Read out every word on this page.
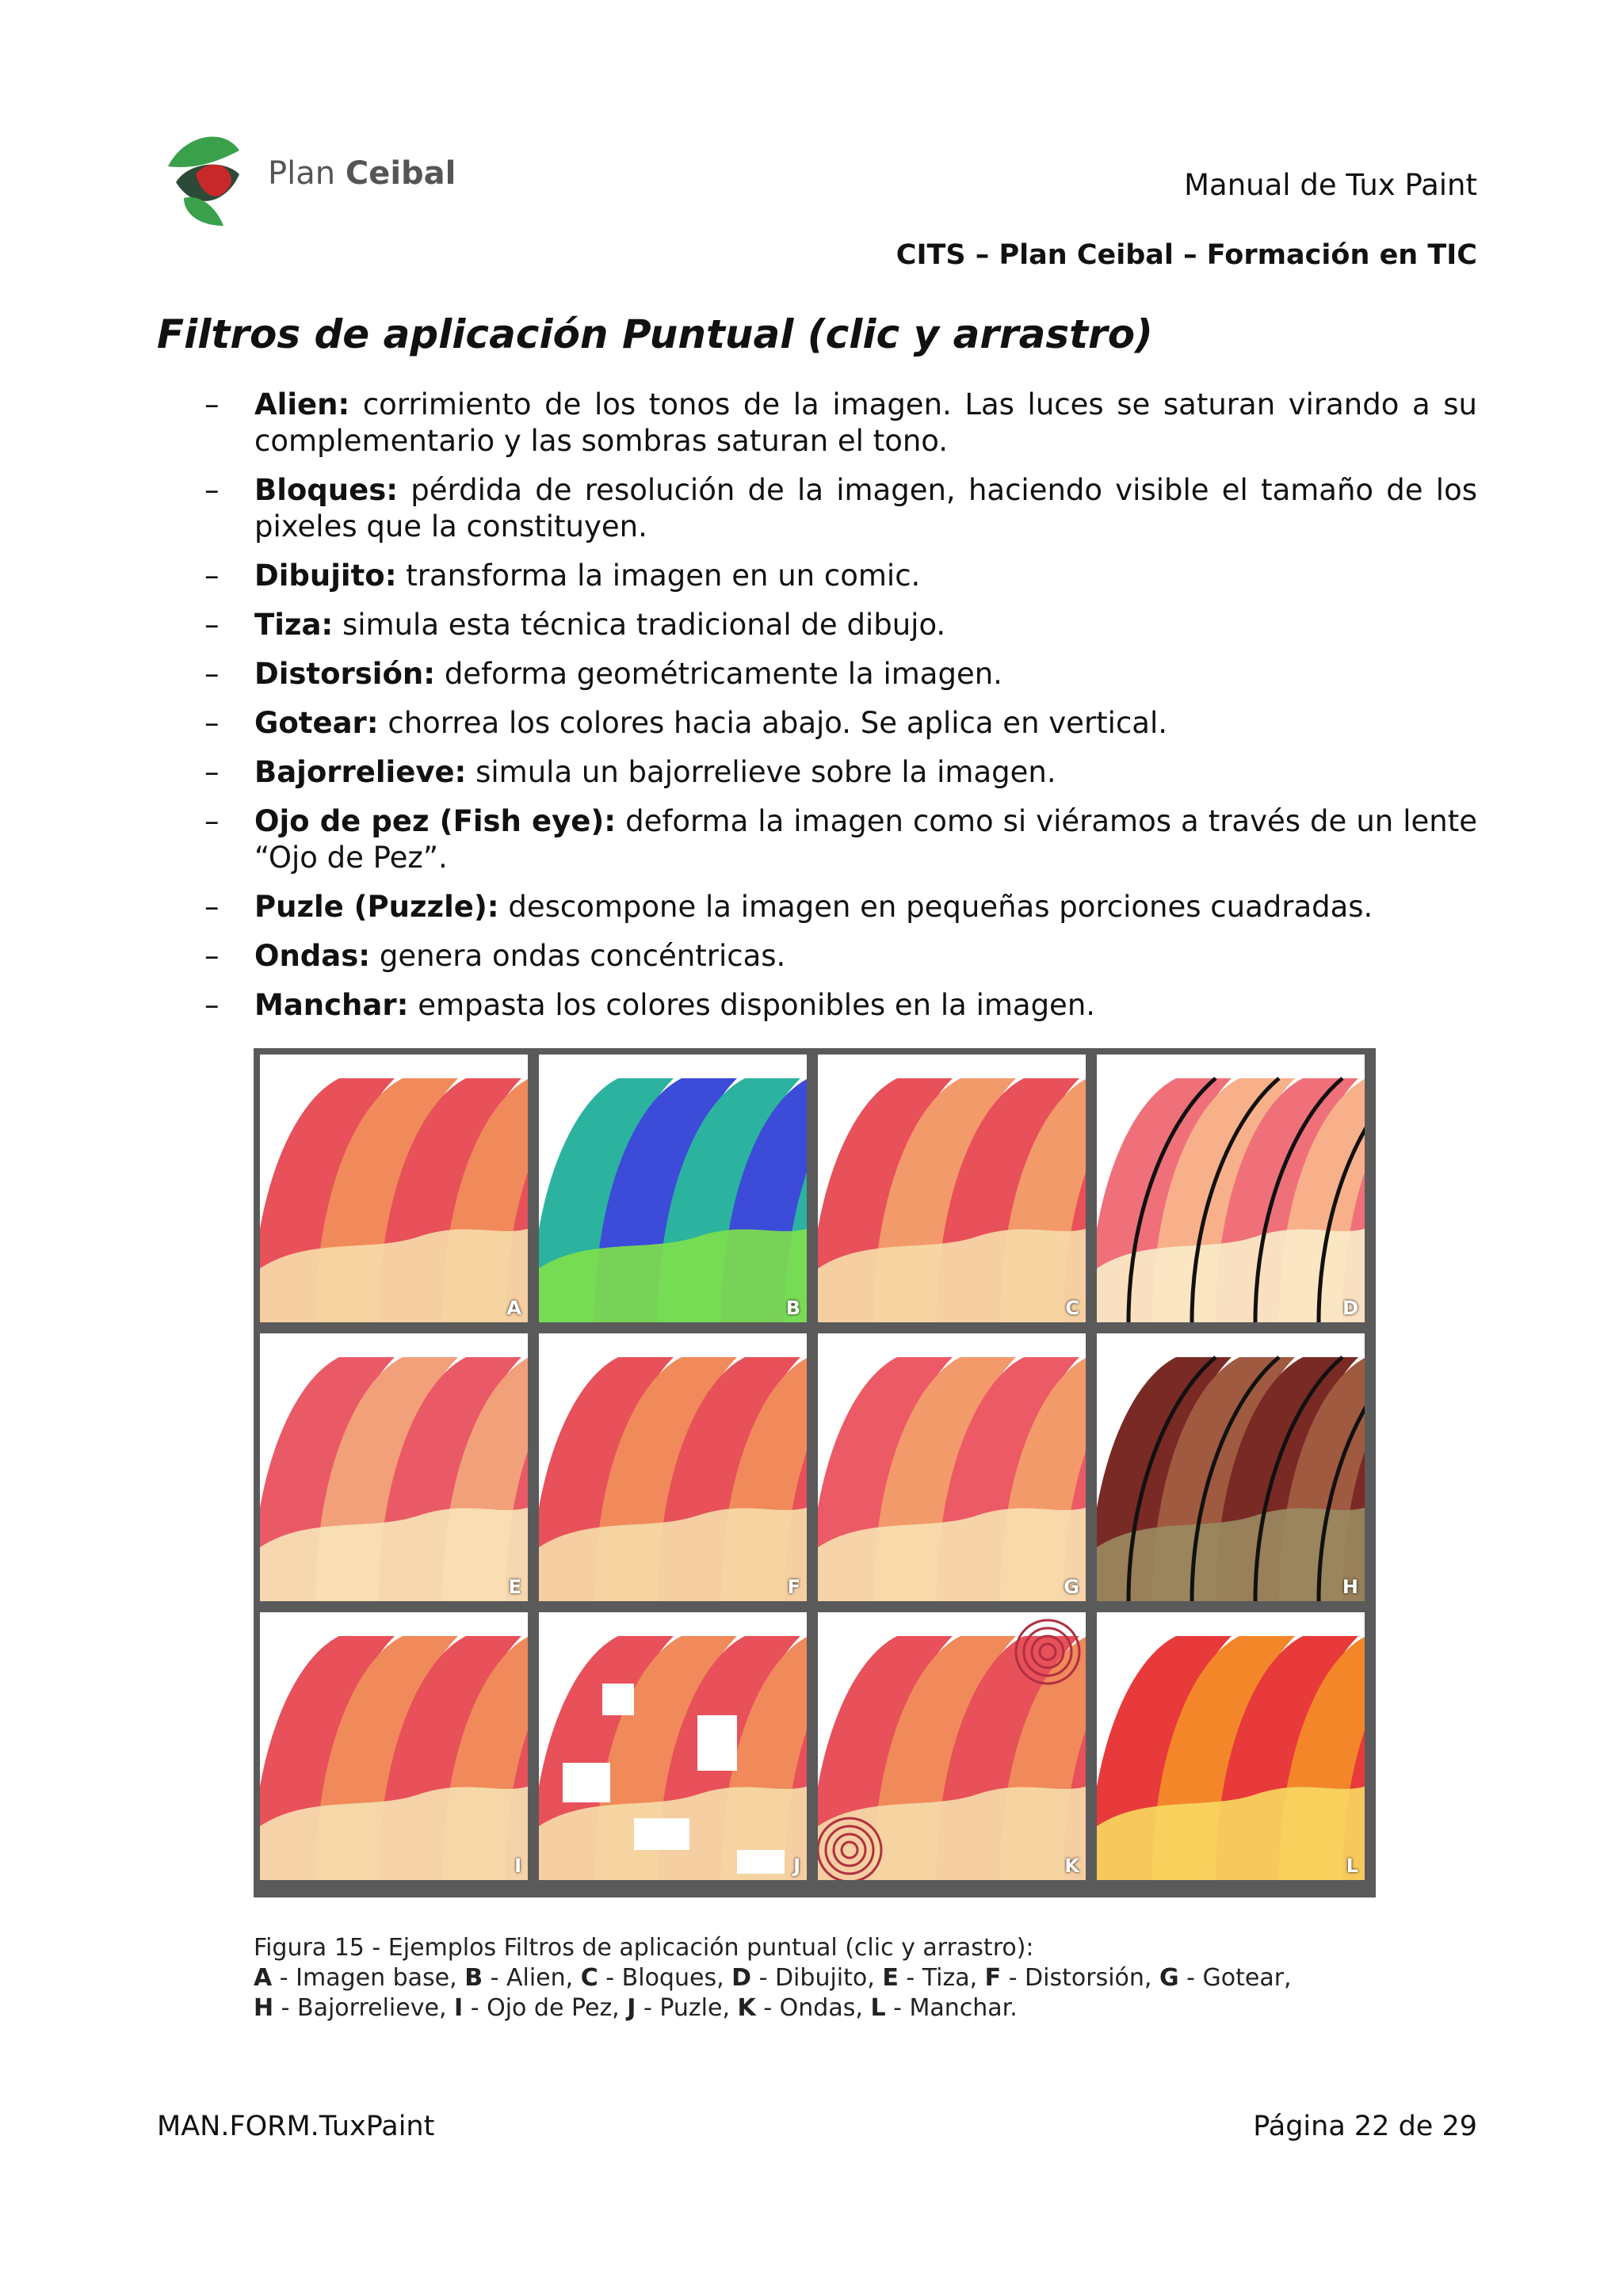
Plan Ceibal	Manual de Tux Paint
CITS – Plan Ceibal – Formación en TIC
Filtros de aplicación Puntual (clic y arrastro)
– Alien: corrimiento de los tonos de la imagen. Las luces se saturan virando a su complementario y las sombras saturan el tono.
– Bloques: pérdida de resolución de la imagen, haciendo visible el tamaño de los pixeles que la constituyen.
– Dibujito: transforma la imagen en un comic.
– Tiza: simula esta técnica tradicional de dibujo.
– Distorsión: deforma geométricamente la imagen.
– Gotear: chorrea los colores hacia abajo. Se aplica en vertical.
– Bajorrelieve: simula un bajorrelieve sobre la imagen.
– Ojo de pez (Fish eye): deforma la imagen como si viéramos a través de un lente “Ojo de Pez”.
– Puzle (Puzzle): descompone la imagen en pequeñas porciones cuadradas.
– Ondas: genera ondas concéntricas.
– Manchar: empasta los colores disponibles en la imagen.
A	B	C	D
E	F	G	H
I	J	K	L
Figura 15 - Ejemplos Filtros de aplicación puntual (clic y arrastro):
A - Imagen base, B - Alien, C - Bloques, D - Dibujito, E - Tiza, F - Distorsión, G - Gotear,
H - Bajorrelieve, I - Ojo de Pez, J - Puzle, K - Ondas, L - Manchar.
MAN.FORM.TuxPaint	Página 22 de 29
